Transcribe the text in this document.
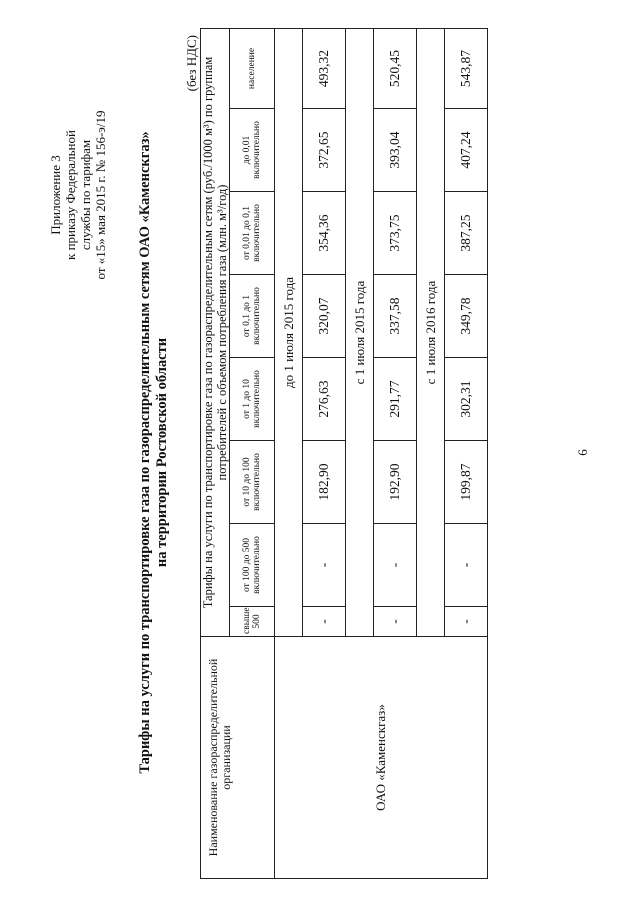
Приложение 3 к приказу Федеральной службы по тарифам от «15» мая 2015 г. № 156-э/19 Тарифы на услуги по транспортировке газа по газораспределительным сетям ОАО «Каменскгаз» на территории Ростовской области
(без НДС)
Наименование газораспределительной организации	Тарифы на услуги по транспортировке газа по газораспределительным сетям (руб./1000 м³) по группам потребителей с объемом потребления газа (млн. м³/год)							
	свыше 500	от 100 до 500 включительно	от 10 до 100 включительно	от 1 до 10 включительно	от 0,1 до 1 включительно	от 0,01 до 0,1 включительно	до 0,01 включительно	население
ОАО «Каменскгаз»	до 1 июля 2015 года							
	-	-	182,90	276,63	320,07	354,36	372,65	493,32
	с 1 июля 2015 года							
	-	-	192,90	291,77	337,58	373,75	393,04	520,45
	с 1 июля 2016 года							
	-	-	199,87	302,31	349,78	387,25	407,24	543,87
6
